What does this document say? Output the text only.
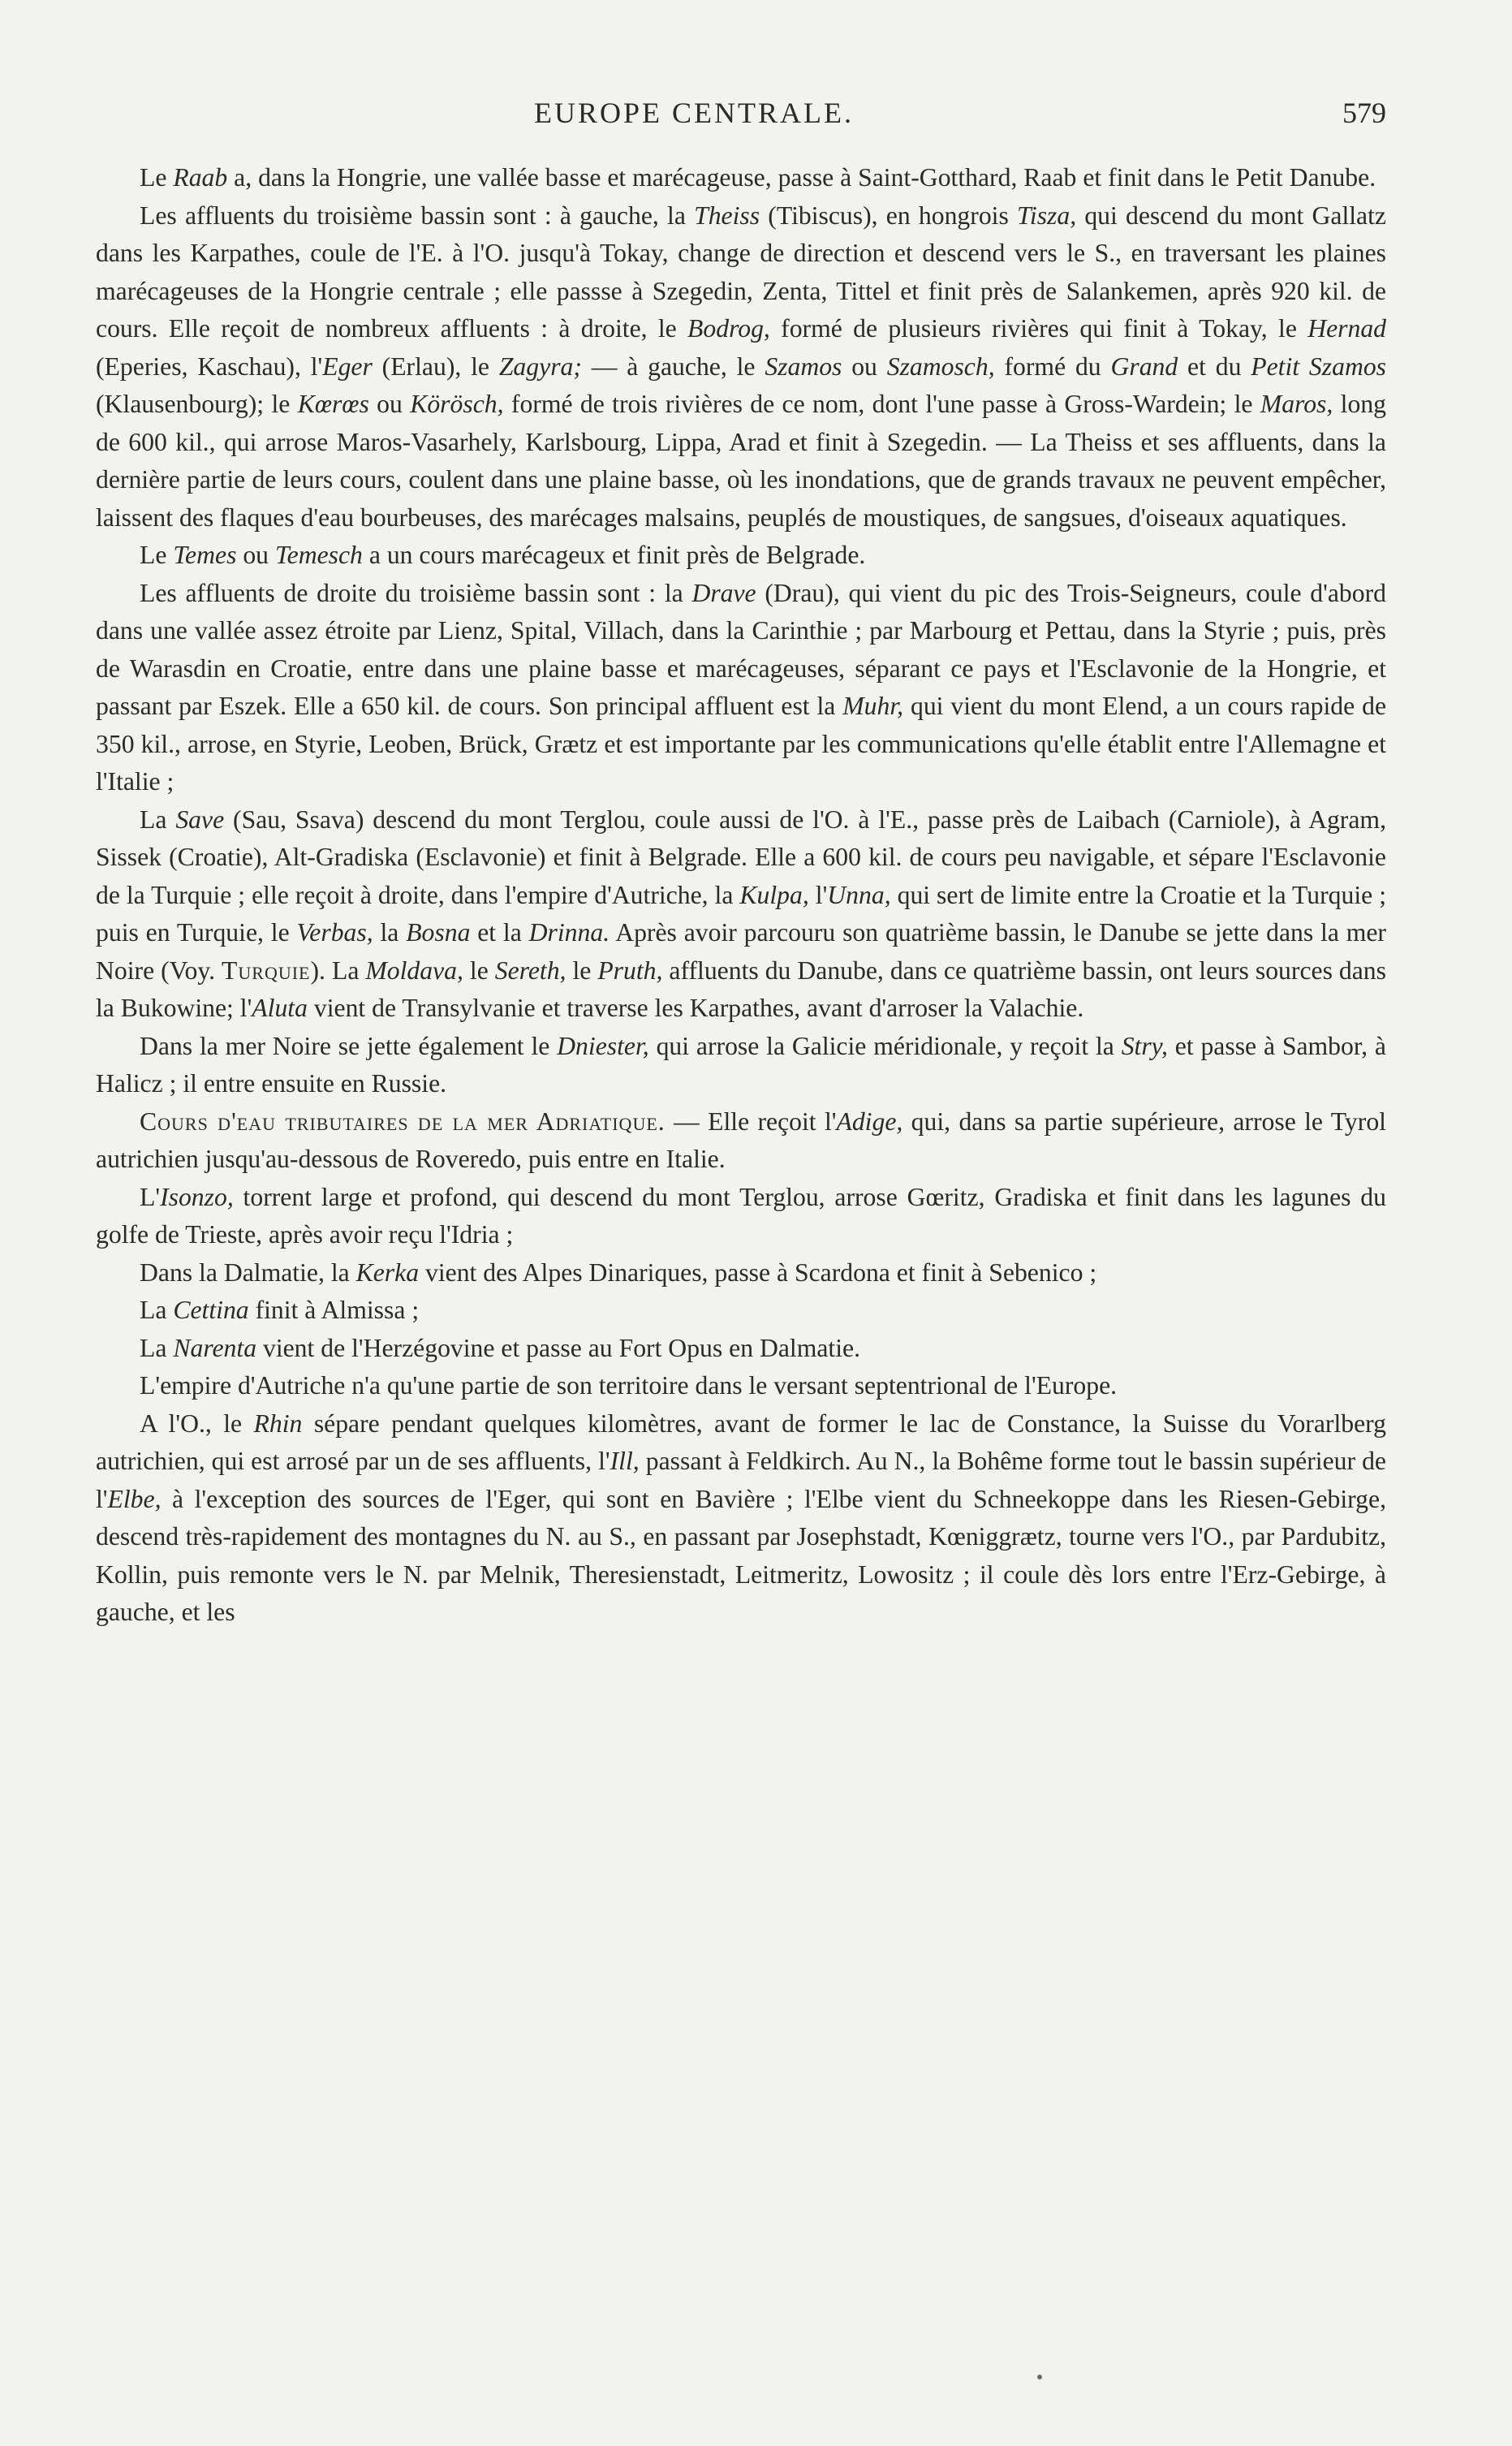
EUROPE CENTRALE.	579

Le Raab a, dans la Hongrie, une vallée basse et marécageuse, passe à Saint-Gotthard, Raab et finit dans le Petit Danube.

Les affluents du troisième bassin sont : à gauche, la Theiss (Tibiscus), en hongrois Tisza, qui descend du mont Gallatz dans les Karpathes, coule de l'E. à l'O. jusqu'à Tokay, change de direction et descend vers le S., en traversant les plaines marécageuses de la Hongrie centrale ; elle passse à Szegedin, Zenta, Tittel et finit près de Salankemen, après 920 kil. de cours. Elle reçoit de nombreux affluents : à droite, le Bodrog, formé de plusieurs rivières qui finit à Tokay, le Hernad (Eperies, Kaschau), l'Eger (Erlau), le Zagyra; — à gauche, le Szamos ou Szamosch, formé du Grand et du Petit Szamos (Klausenbourg); le Kœrœs ou Körösch, formé de trois rivières de ce nom, dont l'une passe à Gross-Wardein; le Maros, long de 600 kil., qui arrose Maros-Vasarhely, Karlsbourg, Lippa, Arad et finit à Szegedin. — La Theiss et ses affluents, dans la dernière partie de leurs cours, coulent dans une plaine basse, où les inondations, que de grands travaux ne peuvent empêcher, laissent des flaques d'eau bourbeuses, des marécages malsains, peuplés de moustiques, de sangsues, d'oiseaux aquatiques.

Le Temes ou Temesch a un cours marécageux et finit près de Belgrade.

Les affluents de droite du troisième bassin sont : la Drave (Drau), qui vient du pic des Trois-Seigneurs, coule d'abord dans une vallée assez étroite par Lienz, Spital, Villach, dans la Carinthie ; par Marbourg et Pettau, dans la Styrie ; puis, près de Warasdin en Croatie, entre dans une plaine basse et marécageuses, séparant ce pays et l'Esclavonie de la Hongrie, et passant par Eszek. Elle a 650 kil. de cours. Son principal affluent est la Muhr, qui vient du mont Elend, a un cours rapide de 350 kil., arrose, en Styrie, Leoben, Brück, Grætz et est importante par les communications qu'elle établit entre l'Allemagne et l'Italie ;

La Save (Sau, Ssava) descend du mont Terglou, coule aussi de l'O. à l'E., passe près de Laibach (Carniole), à Agram, Sissek (Croatie), Alt-Gradiska (Esclavonie) et finit à Belgrade. Elle a 600 kil. de cours peu navigable, et sépare l'Esclavonie de la Turquie ; elle reçoit à droite, dans l'empire d'Autriche, la Kulpa, l'Unna, qui sert de limite entre la Croatie et la Turquie ; puis en Turquie, le Verbas, la Bosna et la Drinna. Après avoir parcouru son quatrième bassin, le Danube se jette dans la mer Noire (Voy. Turquie). La Moldava, le Sereth, le Pruth, affluents du Danube, dans ce quatrième bassin, ont leurs sources dans la Bukowine; l'Aluta vient de Transylvanie et traverse les Karpathes, avant d'arroser la Valachie.

Dans la mer Noire se jette également le Dniester, qui arrose la Galicie méridionale, y reçoit la Stry, et passe à Sambor, à Halicz ; il entre ensuite en Russie.

Cours d'eau tributaires de la mer Adriatique. — Elle reçoit l'Adige, qui, dans sa partie supérieure, arrose le Tyrol autrichien jusqu'au-dessous de Roveredo, puis entre en Italie.

L'Isonzo, torrent large et profond, qui descend du mont Terglou, arrose Gœritz, Gradiska et finit dans les lagunes du golfe de Trieste, après avoir reçu l'Idria ;

Dans la Dalmatie, la Kerka vient des Alpes Dinariques, passe à Scardona et finit à Sebenico ;

La Cettina finit à Almissa ;

La Narenta vient de l'Herzégovine et passe au Fort Opus en Dalmatie.

L'empire d'Autriche n'a qu'une partie de son territoire dans le versant septentrional de l'Europe.

A l'O., le Rhin sépare pendant quelques kilomètres, avant de former le lac de Constance, la Suisse du Vorarlberg autrichien, qui est arrosé par un de ses affluents, l'Ill, passant à Feldkirch. Au N., la Bohême forme tout le bassin supérieur de l'Elbe, à l'exception des sources de l'Eger, qui sont en Bavière ; l'Elbe vient du Schneekoppe dans les Riesen-Gebirge, descend très-rapidement des montagnes du N. au S., en passant par Josephstadt, Kœniggrætz, tourne vers l'O., par Pardubitz, Kollin, puis remonte vers le N. par Melnik, Theresienstadt, Leitmeritz, Lowositz ; il coule dès lors entre l'Erz-Gebirge, à gauche, et les
